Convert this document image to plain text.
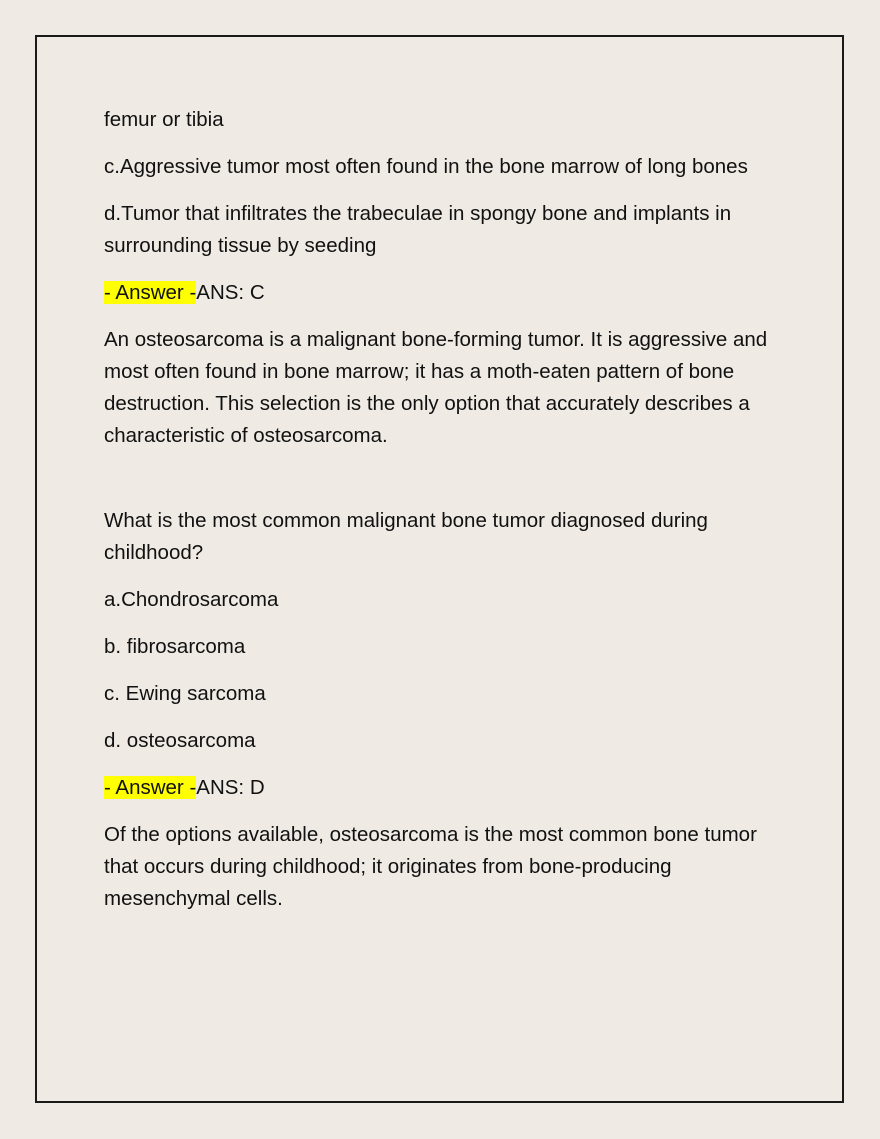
femur or tibia

c.Aggressive tumor most often found in the bone marrow of long bones

d.Tumor that infiltrates the trabeculae in spongy bone and implants in surrounding tissue by seeding

- Answer -ANS: C

An osteosarcoma is a malignant bone-forming tumor. It is aggressive and most often found in bone marrow; it has a moth-eaten pattern of bone destruction. This selection is the only option that accurately describes a characteristic of osteosarcoma.

What is the most common malignant bone tumor diagnosed during childhood?

a.Chondrosarcoma

b. fibrosarcoma

c. Ewing sarcoma

d. osteosarcoma

- Answer -ANS: D

Of the options available, osteosarcoma is the most common bone tumor that occurs during childhood; it originates from bone-producing mesenchymal cells.
